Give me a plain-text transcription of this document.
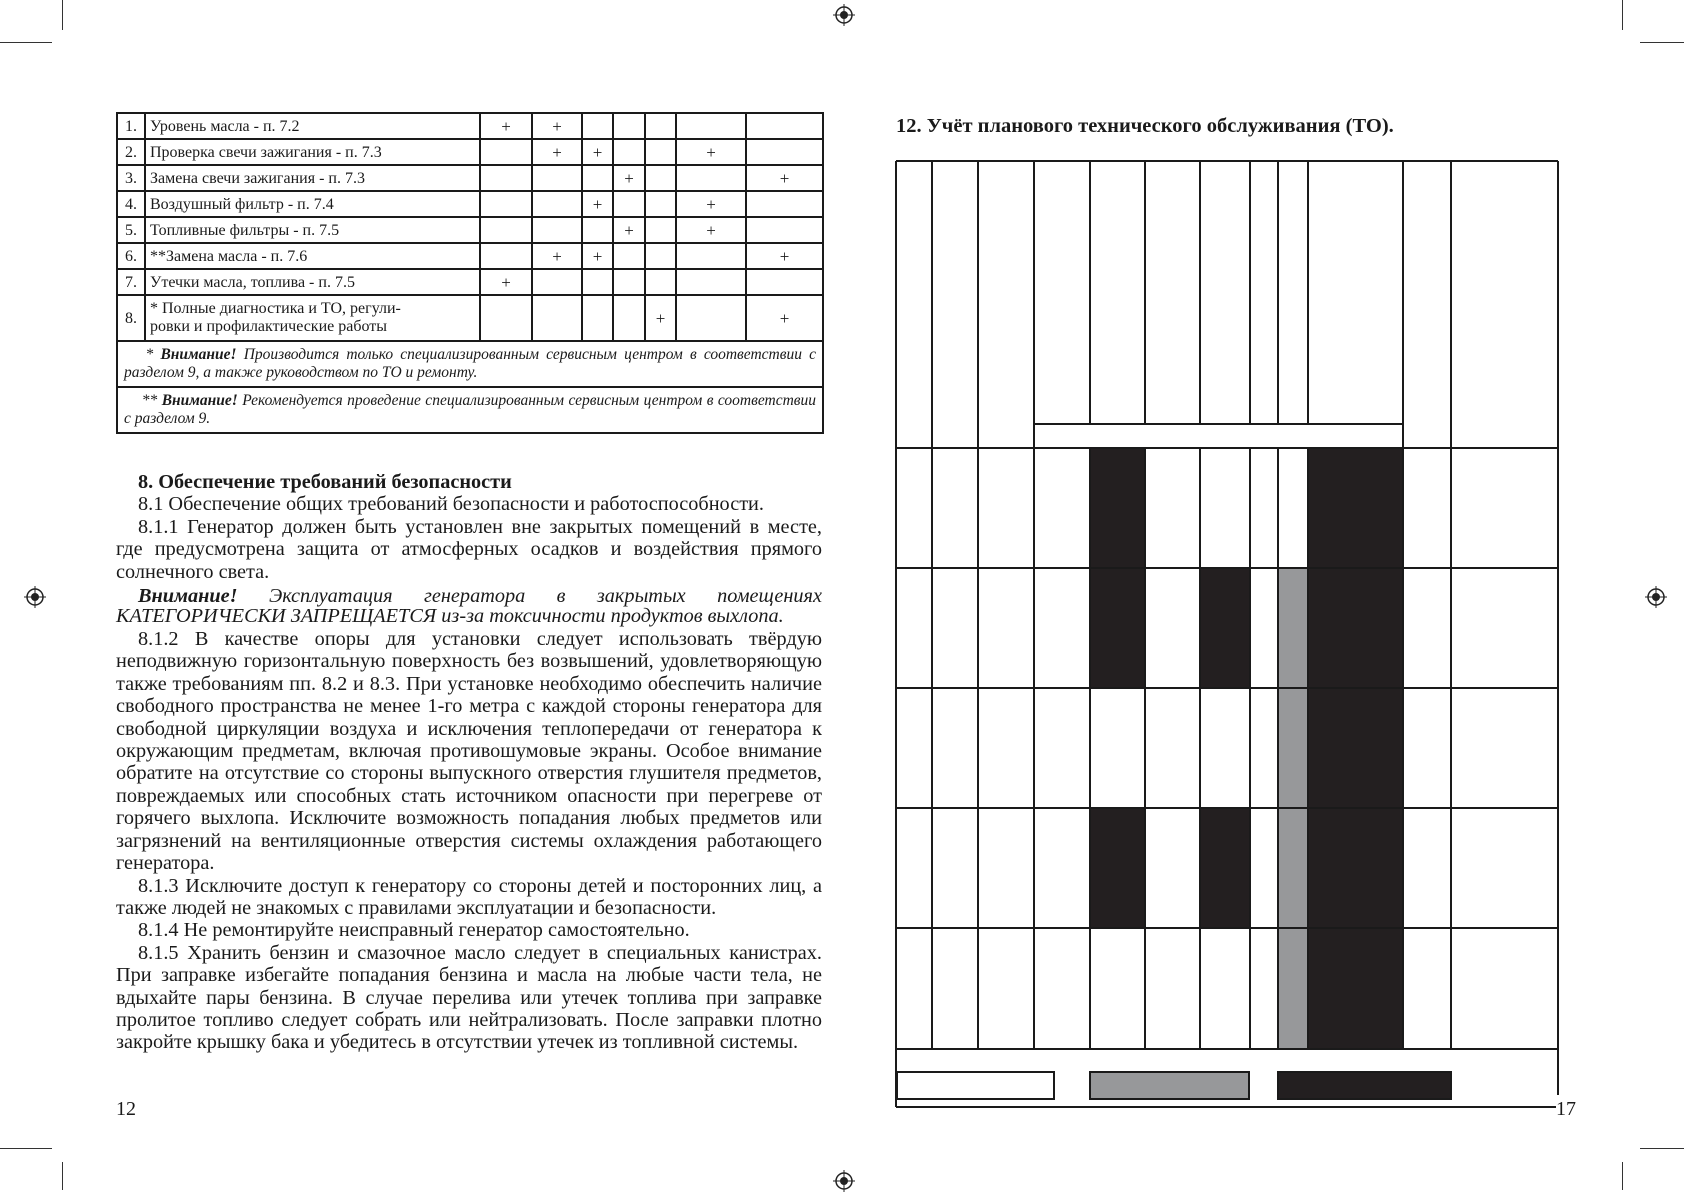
1.	Уровень масла - п. 7.2	+	+					
2.	Проверка свечи зажигания - п. 7.3		+	+			+	
3.	Замена свечи зажигания - п. 7.3				+			+
4.	Воздушный фильтр - п. 7.4			+			+	
5.	Топливные фильтры - п. 7.5				+		+	
6.	**Замена масла - п. 7.6		+	+				+
7.	Утечки масла, топлива - п. 7.5	+						
8.	* Полные диагностика и ТО, регули-
ровки и профилактические работы					+		+
* Внимание! Производится только специализированным сервисным центром в соответствии с разделом 9, а также руководством по ТО и ремонту.								
** Внимание! Рекомендуется проведение специализированным сервисным центром в соответствии с разделом 9.								

8. Обеспечение требований безопасности

8.1 Обеспечение общих требований безопасности и работоспособности.

8.1.1 Генератор должен быть установлен вне закрытых помещений в месте, где предусмотрена защита от атмосферных осадков и воздействия прямого солнечного света.

Внимание! Эксплуатация генератора в закрытых помещениях КАТЕГОРИЧЕСКИ ЗАПРЕЩАЕТСЯ из-за токсичности продуктов выхлопа.

8.1.2 В качестве опоры для установки следует использовать твёрдую неподвижную горизонтальную поверхность без возвышений, удовлетворяющую также требованиям пп. 8.2 и 8.3. При установке необходимо обеспечить наличие свободного пространства не менее 1-го метра с каждой стороны генератора для свободной циркуляции воздуха и исключения теплопередачи от генератора к окружающим предметам, включая противошумовые экраны. Особое внимание обратите на отсутствие со стороны выпускного отверстия глушителя предметов, повреждаемых или способных стать источником опасности при перегреве от горячего выхлопа. Исключите возможность попадания любых предметов или загрязнений на вентиляционные отверстия системы охлаждения работающего генератора.

8.1.3 Исключите доступ к генератору со стороны детей и посторонних лиц, а также людей не знакомых с правилами эксплуатации и безопасности.

8.1.4 Не ремонтируйте неисправный генератор самостоятельно.

8.1.5 Хранить бензин и смазочное масло следует в специальных канистрах. При заправке избегайте попадания бензина и масла на любые части тела, не вдыхайте пары бензина. В случае перелива или утечек топлива при заправке пролитое топливо следует собрать или нейтрализовать. После заправки плотно закройте крышку бака и убедитесь в отсутствии утечек из топливной системы.

12
12. Учёт планового технического обслуживания (ТО).
17
